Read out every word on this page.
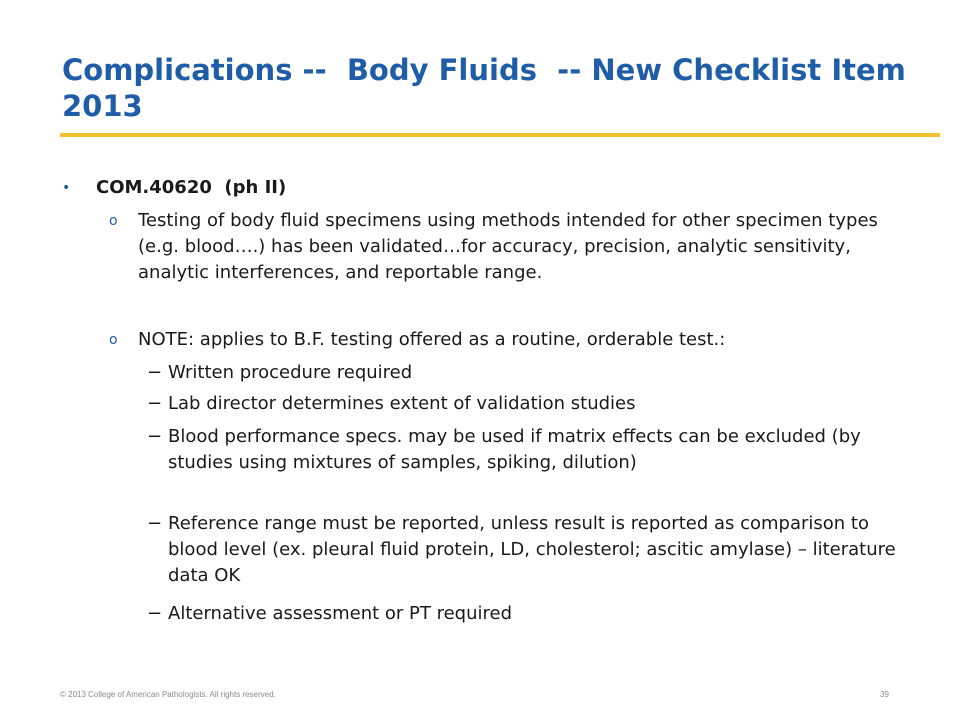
Complications --  Body Fluids  -- New Checklist Item 2013
• COM.40620  (ph II)
o Testing of body fluid specimens using methods intended for other specimen types (e.g. blood….) has been validated…for accuracy, precision, analytic sensitivity, analytic interferences, and reportable range.
o NOTE: applies to B.F. testing offered as a routine, orderable test.:
− Written procedure required
− Lab director determines extent of validation studies
− Blood performance specs. may be used if matrix effects can be excluded (by studies using mixtures of samples, spiking, dilution)
− Reference range must be reported, unless result is reported as comparison to blood level (ex. pleural fluid protein, LD, cholesterol; ascitic amylase) – literature data OK
− Alternative assessment or PT required
© 2013 College of American Pathologists. All rights reserved.	39
